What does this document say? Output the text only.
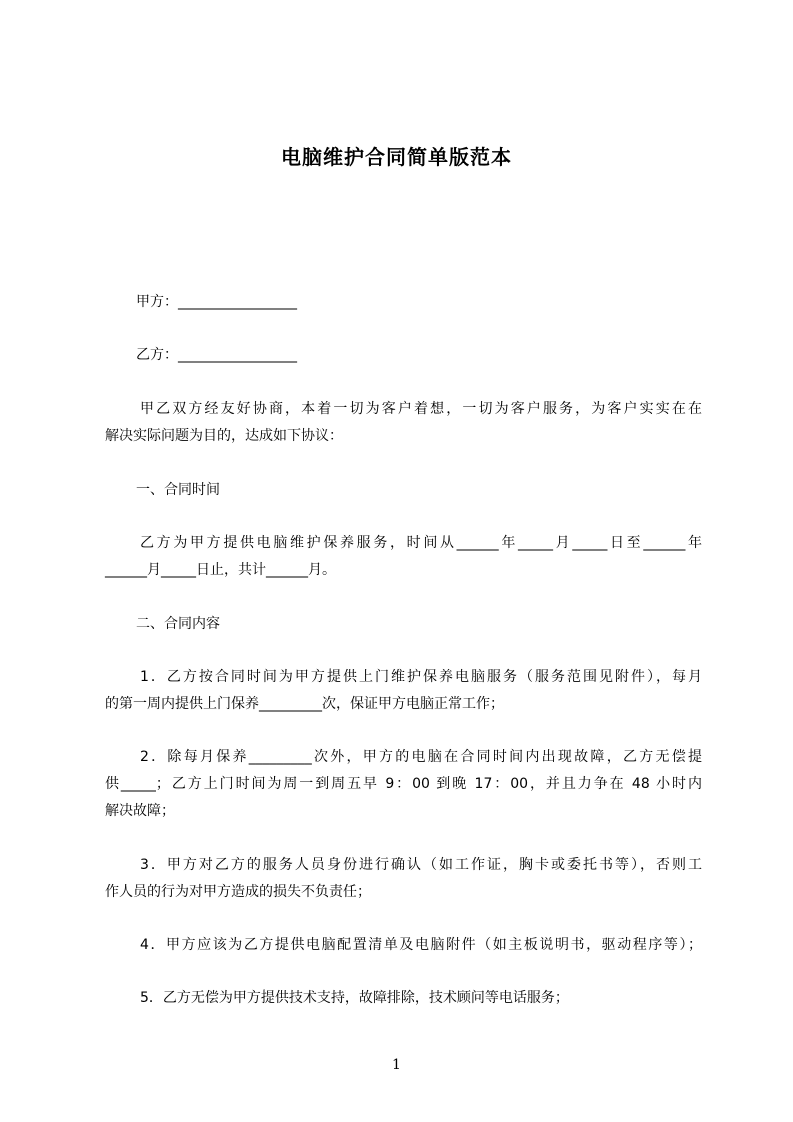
电脑维护合同简单版范本
甲方：_________________
乙方：_________________
甲乙双方经友好协商，本着一切为客户着想，一切为客户服务，为客户实实在在
解决实际问题为目的，达成如下协议：
一、合同时间
乙方为甲方提供电脑维护保养服务，时间从______年_____月_____日至______年
______月_____日止，共计______月。
二、合同内容
1．乙方按合同时间为甲方提供上门维护保养电脑服务（服务范围见附件），每月
的第一周内提供上门保养_________次，保证甲方电脑正常工作；
2．除每月保养_________次外，甲方的电脑在合同时间内出现故障，乙方无偿提
供_____；乙方上门时间为周一到周五早 9：00 到晚 17：00，并且力争在 48 小时内
解决故障；
3．甲方对乙方的服务人员身份进行确认（如工作证，胸卡或委托书等），否则工
作人员的行为对甲方造成的损失不负责任；
4．甲方应该为乙方提供电脑配置清单及电脑附件（如主板说明书，驱动程序等）；
5．乙方无偿为甲方提供技术支持，故障排除，技术顾问等电话服务；
1
